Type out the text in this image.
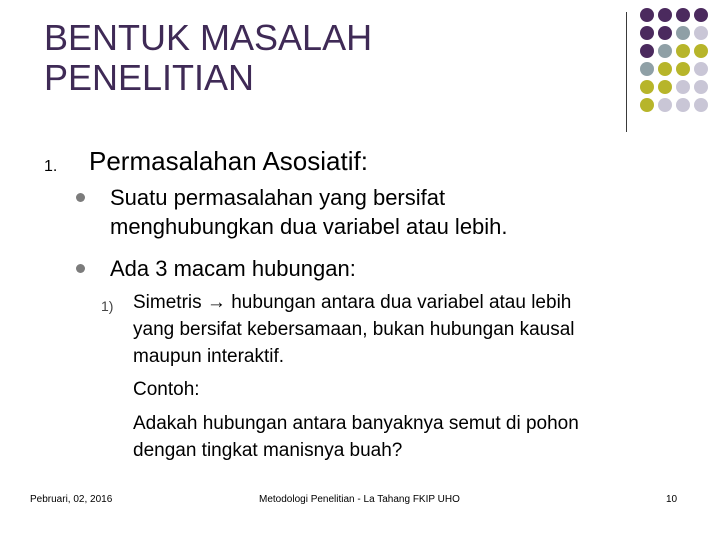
BENTUK MASALAH
PENELITIAN
1. Permasalahan Asosiatif:
Suatu permasalahan yang bersifat
menghubungkan dua variabel atau lebih.
Ada 3 macam hubungan:
1) Simetris → hubungan antara dua variabel atau lebih
yang bersifat kebersamaan, bukan hubungan kausal
maupun interaktif.
Contoh:
Adakah hubungan antara banyaknya semut di pohon
dengan tingkat manisnya buah?
Pebruari, 02, 2016	Metodologi Penelitian - La Tahang FKIP UHO	10
